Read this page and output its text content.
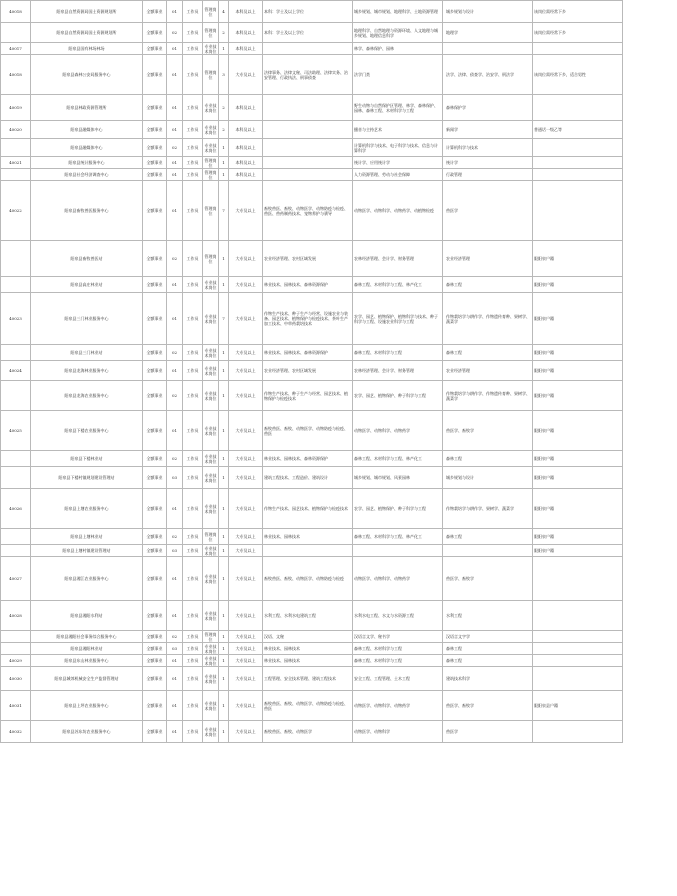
40018	阳泉县自然资源局国土资源规划所	全额事业	01	工作员	管理岗位	4	本科及以上	本科：学士及以上学位	城乡规划、城市规划、地理科学、土地资源管理	城乡规划与设计	该岗位需经常下乡
	阳泉县自然资源局国土资源规划所	全额事业	02	工作员	管理岗位	2	本科及以上	本科：学士及以上学位	地理科学、自然地理与资源环境、人文地理与城乡规划、地理信息科学	地理学	该岗位需经常下乡
40017	阳泉县国有林场林场	全额事业	01	工作员	专业技术岗位	1	本科及以上		林学、森林保护、园林		
40018	阳泉县森林公安局服务中心	全额事业	01	工作员	管理岗位	3	大专及以上	法律事务、法律文秘、司法助理、法律实务、治安管理、行政执法、刑事侦查	法学门类	法学、法律、侦查学、治安学、刑法学	该岗位需经常下乡，适合男性
40019	阳泉县林政资源管理所	全额事业	01	工作员	专业技术岗位	2	本科及以上		野生动物与自然保护区管理、林学、森林保护、园林、森林工程、木材科学与工程	森林保护学	
40020	阳泉县融媒体中心	全额事业	01	工作员	专业技术岗位	2	本科及以上		播音与主持艺术	新闻学	普通话一级乙等
	阳泉县融媒体中心	全额事业	02	工作员	专业技术岗位	1	本科及以上		计算机科学与技术、电子科学与技术、信息与计算科学	计算机科学与技术	
40021	阳泉县统计服务中心	全额事业	01	工作员	管理岗位	1	本科及以上		统计学、应用统计学	统计学	
	阳泉县社会经济调查中心	全额事业	01	工作员	管理岗位	1	本科及以上		人力资源管理、劳动与社会保障	行政管理	
40022	阳泉县畜牧兽医服务中心	全额事业	01	工作员	管理岗位	7	大专及以上	畜牧兽医、畜牧、动物医学、动物防疫与检疫、兽医、兽药制药技术、宠物养护与驯导	动物医学、动物科学、动物药学、动植物检疫	兽医学	
	阳泉县畜牧兽医站	全额事业	02	工作员	管理岗位	1	大专及以上	农业经济管理、农村区域发展	农林经济管理、会计学、财务管理	农业经济管理	限阳泉户籍
	阳泉县高庄林业站	全额事业	01	工作员	专业技术岗位	1	大专及以上	林业技术、园林技术、森林资源保护	森林工程、木材科学与工程、林产化工	森林工程	限阳泉户籍
40023	阳泉县三门林业服务中心	全额事业	01	工作员	专业技术岗位	7	大专及以上	作物生产技术、种子生产与经营、设施农业与装备、园艺技术、植物保护与检疫技术、茶叶生产加工技术、中草药栽培技术	农学、园艺、植物保护、植物科学与技术、种子科学与工程、设施农业科学与工程	作物栽培学与耕作学、作物遗传育种、果树学、蔬菜学	限阳泉户籍
	阳泉县三门林业站	全额事业	02	工作员	专业技术岗位	1	大专及以上	林业技术、园林技术、森林资源保护	森林工程、木材科学与工程	森林工程	限阳泉户籍
40024	阳泉县龙海林业服务中心	全额事业	01	工作员	专业技术岗位	1	大专及以上	农业经济管理、农村区域发展	农林经济管理、会计学、财务管理	农业经济管理	限阳泉户籍
	阳泉县龙海农业服务中心	全额事业	02	工作员	专业技术岗位	1	大专及以上	作物生产技术、种子生产与经营、园艺技术、植物保护与检疫技术	农学、园艺、植物保护、种子科学与工程	作物栽培学与耕作学、作物遗传育种、果树学、蔬菜学	限阳泉户籍
40025	阳泉县下楼农业服务中心	全额事业	01	工作员	专业技术岗位	1	大专及以上	畜牧兽医、畜牧、动物医学、动物防疫与检疫、兽医	动物医学、动物科学、动物药学	兽医学、畜牧学	限阳泉户籍
	阳泉县下楼林业站	全额事业	02	工作员	专业技术岗位	1	大专及以上	林业技术、园林技术、森林资源保护	森林工程、木材科学与工程、林产化工	森林工程	限阳泉户籍
	阳泉县下楼村镇规划建设管理站	全额事业	03	工作员	专业技术岗位	1	大专及以上	建筑工程技术、工程造价、建筑设计	城乡规划、城市规划、风景园林	城乡规划与设计	限阳泉户籍
40026	阳泉县上塘农业服务中心	全额事业	01	工作员	专业技术岗位	1	大专及以上	作物生产技术、园艺技术、植物保护与检疫技术	农学、园艺、植物保护、种子科学与工程	作物栽培学与耕作学、果树学、蔬菜学	限阳泉户籍
	阳泉县上塘林业站	全额事业	02	工作员	管理岗位	1	大专及以上	林业技术、园林技术	森林工程、木材科学与工程、林产化工	森林工程	限阳泉户籍
	阳泉县上塘村镇建设管理站	全额事业	03	工作员	专业技术岗位	1	大专及以上				限阳泉户籍
40027	阳泉县湘江农业服务中心	全额事业	01	工作员	专业技术岗位	1	大专及以上	畜牧兽医、畜牧、动物医学、动物防疫与检疫	动物医学、动物科学、动物药学	兽医学、畜牧学	
40028	阳泉县湘阳水利站	全额事业	01	工作员	专业技术岗位	1	大专及以上	水利工程、水利水电建筑工程	水利水电工程、水文与水资源工程	水利工程	
	阳泉县湘阳社会事务综合服务中心	全额事业	02	工作员	管理岗位	1	大专及以上	汉语、文秘	汉语言文学、秘书学	汉语言文字学	
	阳泉县湘阳林业站	全额事业	03	工作员	专业技术岗位	1	大专及以上	林业技术、园林技术	森林工程、木材科学与工程	森林工程	
40029	阳泉县东山林业服务中心	全额事业	01	工作员	专业技术岗位	1	大专及以上	林业技术、园林技术	森林工程、木材科学与工程	森林工程	
40030	阳泉县城郊机械安全生产监督管理站	全额事业	01	工作员	专业技术岗位	1	大专及以上	工程管理、安全技术管理、建筑工程技术	安全工程、工程管理、土木工程	建筑技术科学	
40031	阳泉县上坪农业服务中心	全额事业	01	工作员	专业技术岗位	1	大专及以上	畜牧兽医、畜牧、动物医学、动物防疫与检疫、兽医	动物医学、动物科学、动物药学	兽医学、畜牧学	限阳泉县户籍
40032	阳泉县苏东坊农业服务中心	全额事业	01	工作员	专业技术岗位	1	大专及以上	畜牧兽医、畜牧、动物医学	动物医学、动物科学	兽医学	
